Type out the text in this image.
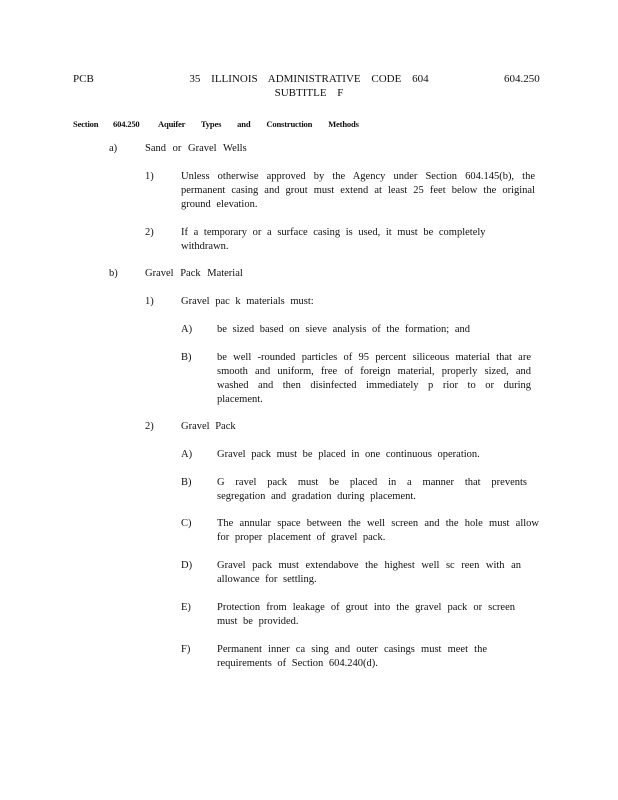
PCB	35 ILLINOIS ADMINISTRATIVE CODE 604
SUBTITLE F
604.250
Section 604.250 Aquifer Types and Construction Methods
a)	Sand or Gravel Wells
1)	Unless otherwise approved by the Agency under Section 604.145(b), the permanent casing and grout must extend at least 25 feet below the original ground elevation.
2)	If a temporary or a surface casing is used, it must be completely withdrawn.
b)	Gravel Pack Material
1)	Gravel pac k materials must:
A) be sized based on sieve analysis of the formation; and
B) be well -rounded particles of 95 percent siliceous material that are smooth and uniform, free of foreign material, properly sized, and washed and then disinfected immediately p rior to or during placement.
2)	Gravel Pack
A) Gravel pack must be placed in one continuous operation.
B) G ravel pack must be placed in a manner that prevents segregation and gradation during placement.
C) The annular space between the well screen and the hole must allow for proper placement of gravel pack.
D) Gravel pack must extendabove the highest well sc reen with an allowance for settling.
E) Protection from leakage of grout into the gravel pack or screen must be provided.
F)	Permanent inner ca sing and outer casings must meet the requirements of Section 604.240(d).
